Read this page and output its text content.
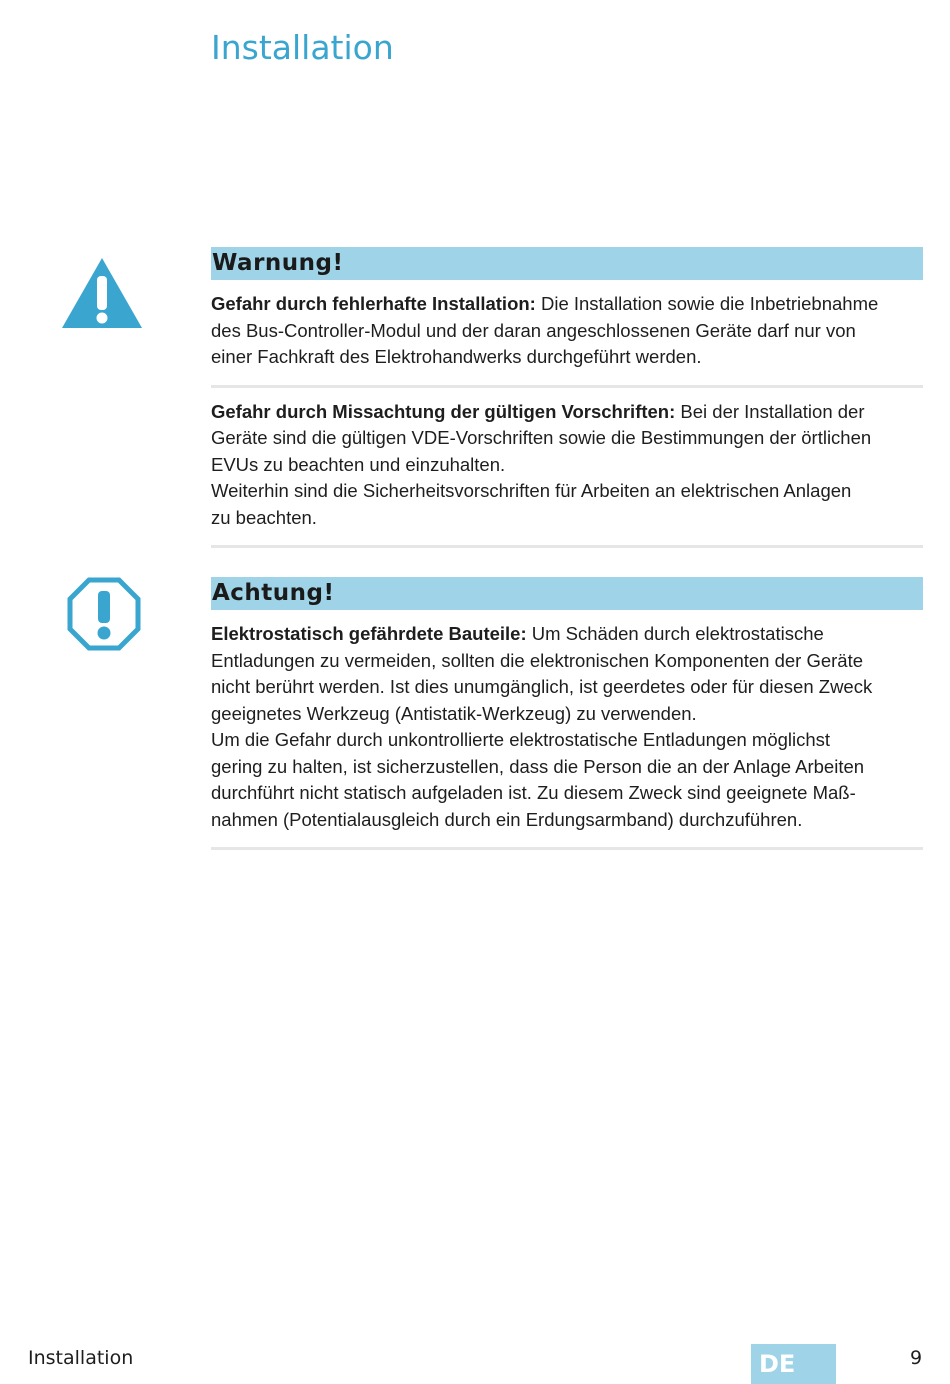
Installation
Warnung!

Gefahr durch fehlerhafte Installation: Die Installation sowie die Inbetriebnahme
des Bus-Controller-Modul und der daran angeschlossenen Geräte darf nur von
einer Fachkraft des Elektrohandwerks durchgeführt werden.

Gefahr durch Missachtung der gültigen Vorschriften: Bei der Installation der
Geräte sind die gültigen VDE-Vorschriften sowie die Bestimmungen der örtlichen
EVUs zu beachten und einzuhalten.
Weiterhin sind die Sicherheitsvorschriften für Arbeiten an elektrischen Anlagen
zu beachten.

Achtung!

Elektrostatisch gefährdete Bauteile: Um Schäden durch elektrostatische
Entladungen zu vermeiden, sollten die elektronischen Komponenten der Geräte
nicht berührt werden. Ist dies unumgänglich, ist geerdetes oder für diesen Zweck
geeignetes Werkzeug (Antistatik-Werkzeug) zu verwenden.
Um die Gefahr durch unkontrollierte elektrostatische Entladungen möglichst
gering zu halten, ist sicherzustellen, dass die Person die an der Anlage Arbeiten
durchführt nicht statisch aufgeladen ist. Zu diesem Zweck sind geeignete Maß-
nahmen (Potentialausgleich durch ein Erdungsarmband) durchzuführen.

Installation	DE	9
